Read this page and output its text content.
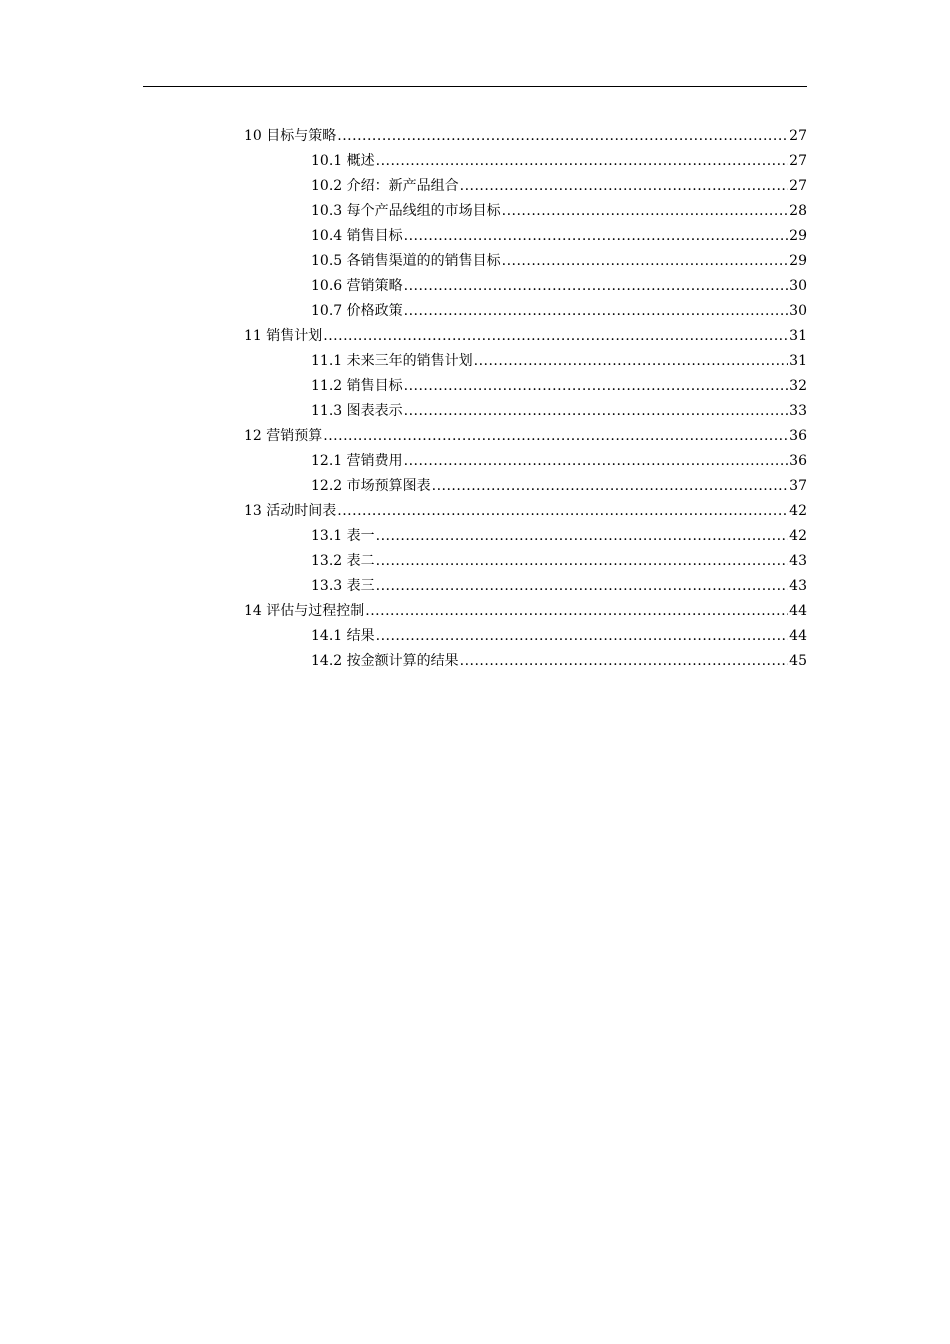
10 目标与策略 .....	27
10.1 概述 .....	27
10.2 介绍：新产品组合 .....	27
10.3 每个产品线组的市场目标 .....	28
10.4 销售目标 .....	29
10.5 各销售渠道的的销售目标 .....	29
10.6 营销策略 .....	30
10.7 价格政策 .....	30
11 销售计划 .....	31
11.1 未来三年的销售计划 .....	31
11.2 销售目标 .....	32
11.3 图表表示 .....	33
12 营销预算 .....	36
12.1 营销费用 .....	36
12.2 市场预算图表 .....	37
13 活动时间表 .....	42
13.1 表一 .....	42
13.2 表二 .....	43
13.3 表三 .....	43
14 评估与过程控制 .....	44
14.1 结果 .....	44
14.2 按金额计算的结果 .....	45
